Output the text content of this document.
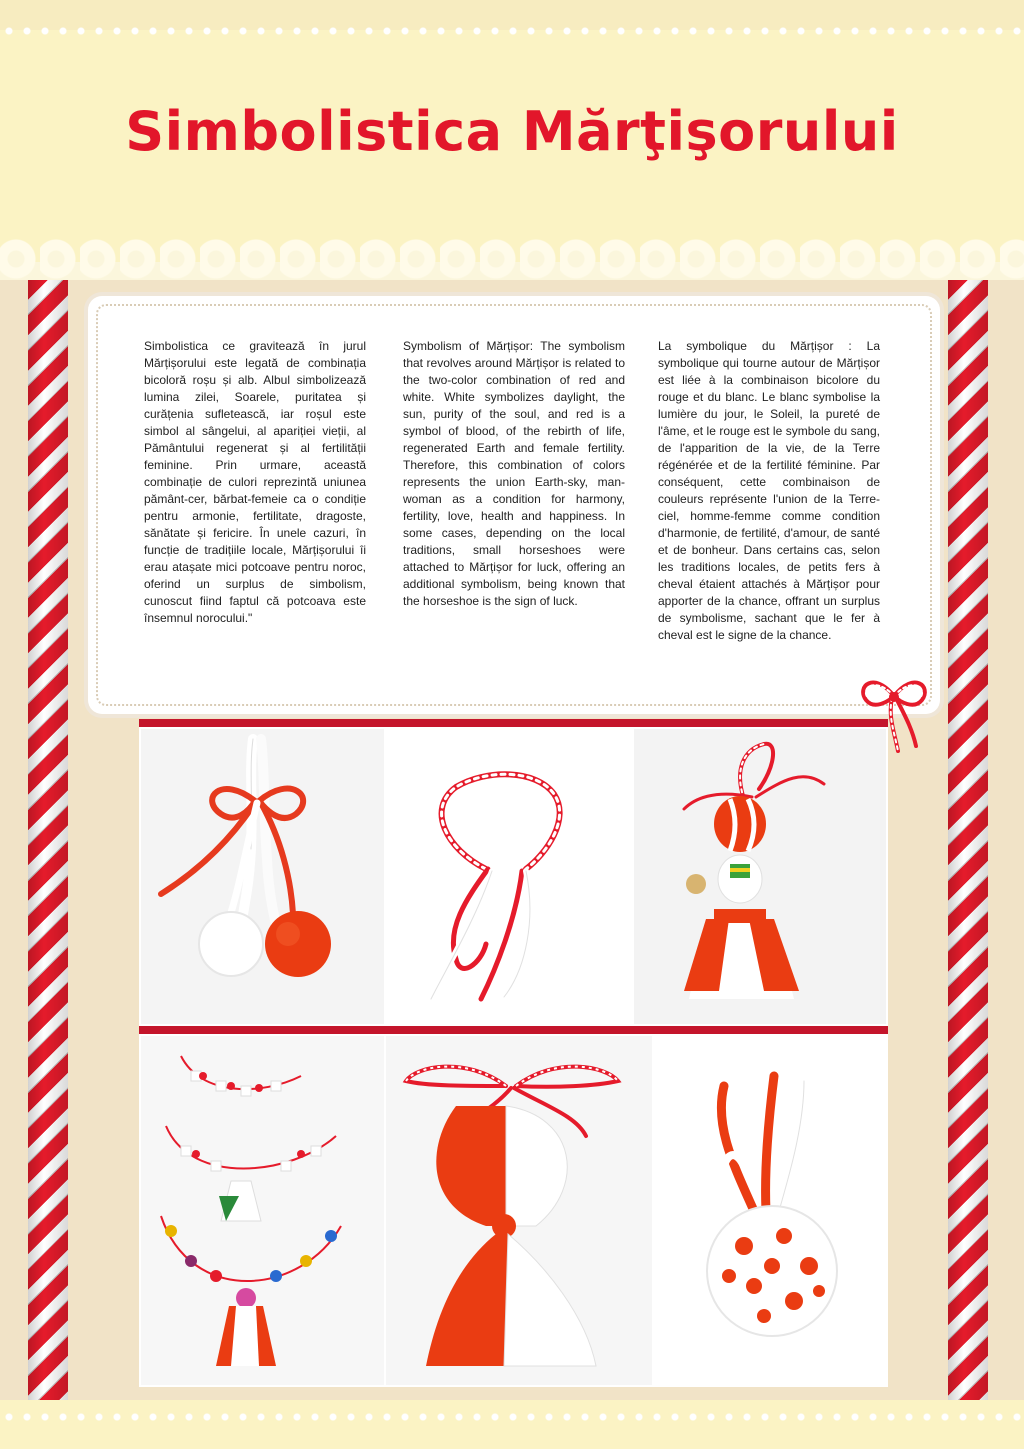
Simbolistica Mărţişorului

Simbolistica ce gravitează în jurul Mărțișorului este legată de combinația bicoloră roșu și alb. Albul simbolizează lumina zilei, Soarele, puritatea și curățenia sufletească, iar roșul este simbol al sângelui, al apariției vieții, al Pământului regenerat și al fertilității feminine. Prin urmare, această combinație de culori reprezintă uniunea pământ-cer, bărbat-femeie ca o condiție pentru armonie, fertilitate, dragoste, sănătate și fericire. În unele cazuri, în funcție de tradițiile locale, Mărțișorului îi erau atașate mici potcoave pentru noroc, oferind un surplus de simbolism, cunoscut fiind faptul că potcoava este însemnul norocului."

Symbolism of Mărțișor: The symbolism that revolves around Mărțișor is related to the two-color combination of red and white. White symbolizes daylight, the sun, purity of the soul, and red is a symbol of blood, of the rebirth of life, regenerated Earth and female fertility. Therefore, this combination of colors represents the union Earth-sky, man-woman as a condition for harmony, fertility, love, health and happiness. In some cases, depending on the local traditions, small horseshoes were attached to Mărțișor for luck, offering an additional symbolism, being known that the horseshoe is the sign of luck.

La symbolique du Mărțișor : La symbolique qui tourne autour de Mărțișor est liée à la combinaison bicolore du rouge et du blanc. Le blanc symbolise la lumière du jour, le Soleil, la pureté de l'âme, et le rouge est le symbole du sang, de l'apparition de la vie, de la Terre régénérée et de la fertilité féminine. Par conséquent, cette combinaison de couleurs représente l'union de la Terre-ciel, homme-femme comme condition d'harmonie, de fertilité, d'amour, de santé et de bonheur. Dans certains cas, selon les traditions locales, de petits fers à cheval étaient attachés à Mărțișor pour apporter de la chance, offrant un surplus de symbolisme, sachant que le fer à cheval est le signe de la chance.
